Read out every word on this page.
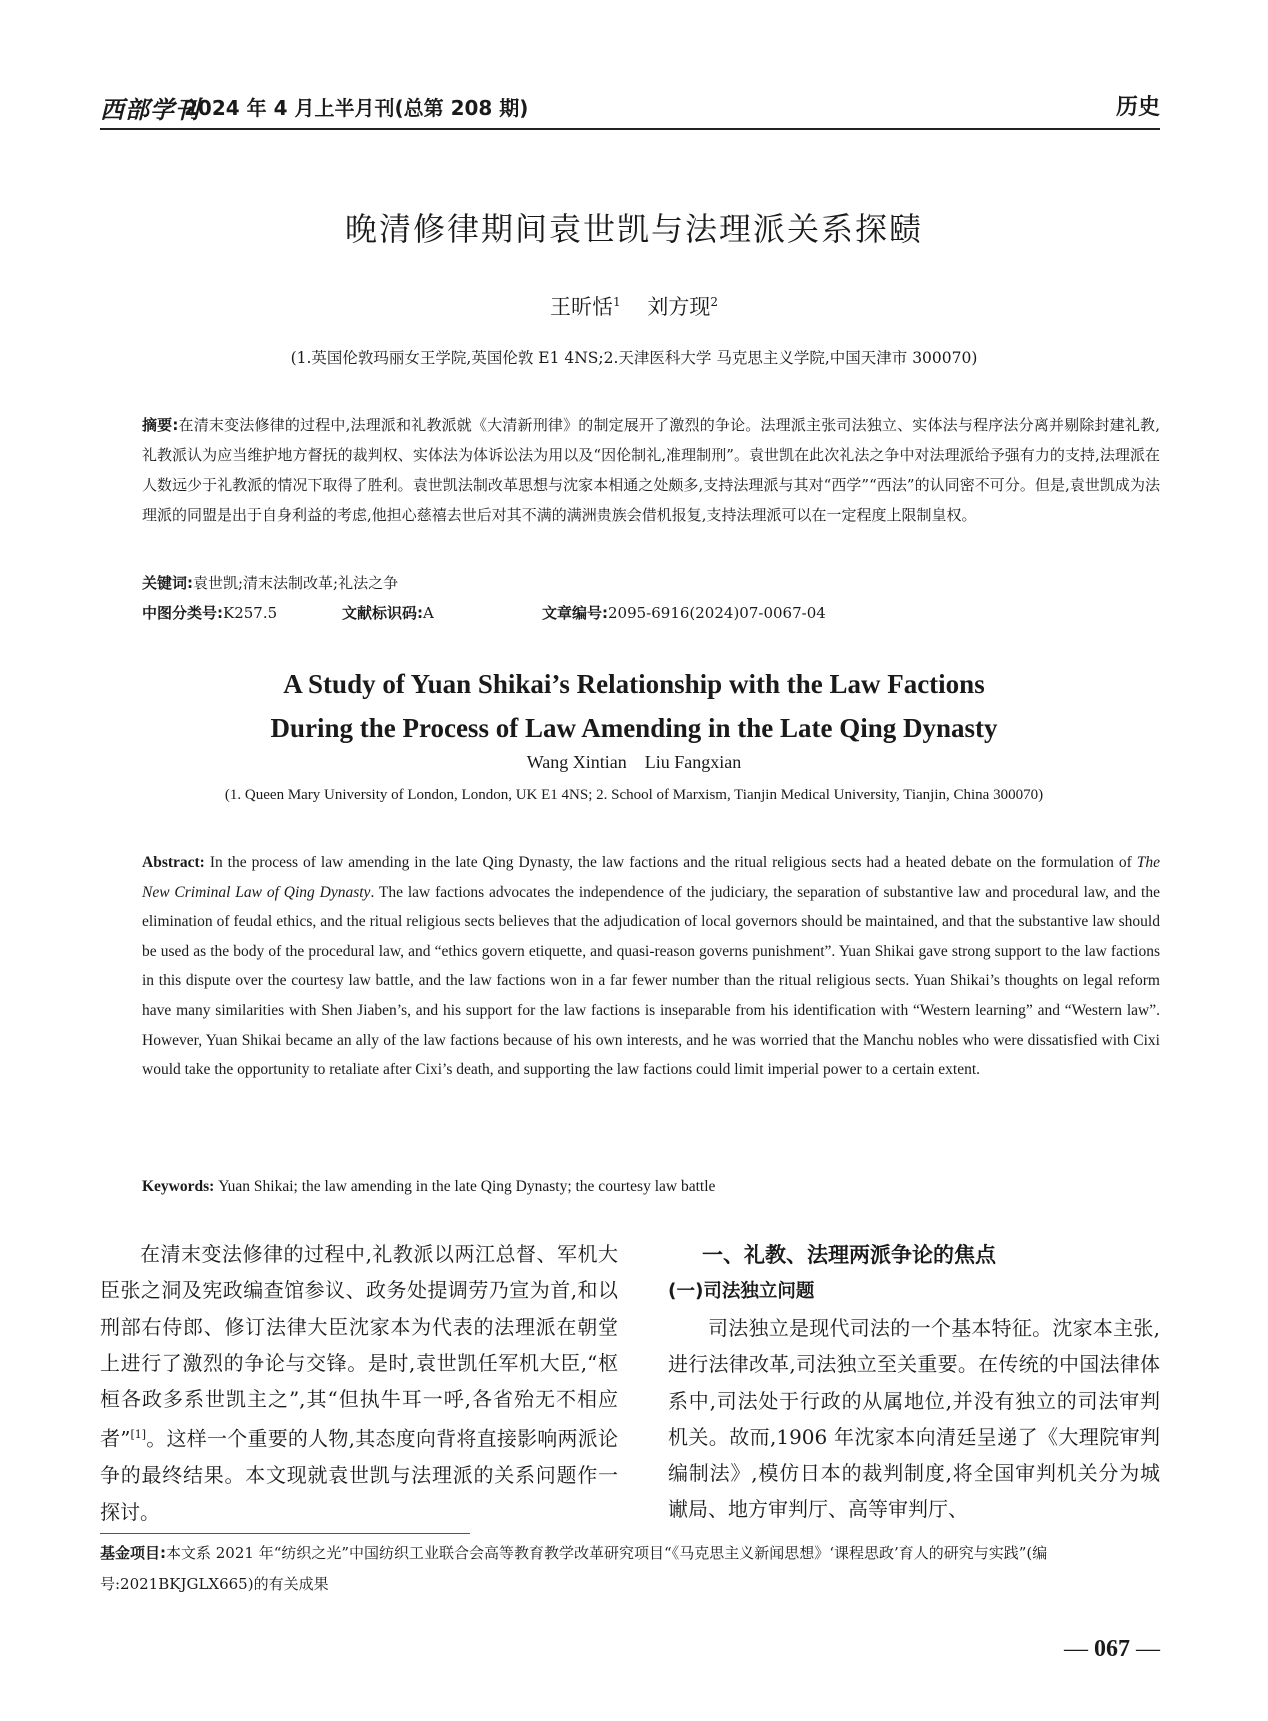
西部学刊
2024 年 4 月上半月刊(总第 208 期)	历史
晚清修律期间袁世凯与法理派关系探赜
王昕恬$^1$ 刘方现$^2$
(1.英国伦敦玛丽女王学院,英国伦敦 E1 4NS;2.天津医科大学 马克思主义学院,中国天津市 300070)
摘要:在清末变法修律的过程中,法理派和礼教派就《大清新刑律》的制定展开了激烈的争论。法理派主张司法独立、实体法与程序法分离并剔除封建礼教,礼教派认为应当维护地方督抚的裁判权、实体法为体诉讼法为用以及“因伦制礼,准理制刑”。袁世凯在此次礼法之争中对法理派给予强有力的支持,法理派在人数远少于礼教派的情况下取得了胜利。袁世凯法制改革思想与沈家本相通之处颇多,支持法理派与其对“西学”“西法”的认同密不可分。但是,袁世凯成为法理派的同盟是出于自身利益的考虑,他担心慈禧去世后对其不满的满洲贵族会借机报复,支持法理派可以在一定程度上限制皇权。
关键词:袁世凯;清末法制改革;礼法之争
中图分类号:K257.5	文献标识码:A	文章编号:2095-6916(2024)07-0067-04
A Study of Yuan Shikai’s Relationship with the Law Factions
During the Process of Law Amending in the Late Qing Dynasty
Wang Xintian    Liu Fangxian
(1. Queen Mary University of London, London, UK E1 4NS; 2. School of Marxism, Tianjin Medical University, Tianjin, China 300070)
Abstract: In the process of law amending in the late Qing Dynasty, the law factions and the ritual religious sects had a heated debate on the formulation of The New Criminal Law of Qing Dynasty. The law factions advocates the independence of the judiciary, the separation of substantive law and procedural law, and the elimination of feudal ethics, and the ritual religious sects believes that the adjudication of local governors should be maintained, and that the substantive law should be used as the body of the procedural law, and “ethics govern etiquette, and quasi-reason governs punishment”. Yuan Shikai gave strong support to the law factions in this dispute over the courtesy law battle, and the law factions won in a far fewer number than the ritual religious sects. Yuan Shikai’s thoughts on legal reform have many similarities with Shen Jiaben’s, and his support for the law factions is inseparable from his identification with “Western learning” and “Western law”. However, Yuan Shikai became an ally of the law factions because of his own interests, and he was worried that the Manchu nobles who were dissatisfied with Cixi would take the opportunity to retaliate after Cixi’s death, and supporting the law factions could limit imperial power to a certain extent.
Keywords: Yuan Shikai; the law amending in the late Qing Dynasty; the courtesy law battle

在清末变法修律的过程中,礼教派以两江总督、军机大臣张之洞及宪政编查馆参议、政务处提调劳乃宣为首,和以刑部右侍郎、修订法律大臣沈家本为代表的法理派在朝堂上进行了激烈的争论与交锋。是时,袁世凯任军机大臣,“枢桓各政多系世凯主之”,其“但执牛耳一呼,各省殆无不相应者”[1]。这样一个重要的人物,其态度向背将直接影响两派论争的最终结果。本文现就袁世凯与法理派的关系问题作一探讨。

一、礼教、法理两派争论的焦点
(一)司法独立问题

司法独立是现代司法的一个基本特征。沈家本主张,进行法律改革,司法独立至关重要。在传统的中国法律体系中,司法处于行政的从属地位,并没有独立的司法审判机关。故而,1906 年沈家本向清廷呈递了《大理院审判编制法》,模仿日本的裁判制度,将全国审判机关分为城谳局、地方审判厅、高等审判厅、

基金项目:本文系 2021 年“纺织之光”中国纺织工业联合会高等教育教学改革研究项目“《马克思主义新闻思想》‘课程思政’育人的研究与实践”(编号:2021BKJGLX665)的有关成果
— 067 —
